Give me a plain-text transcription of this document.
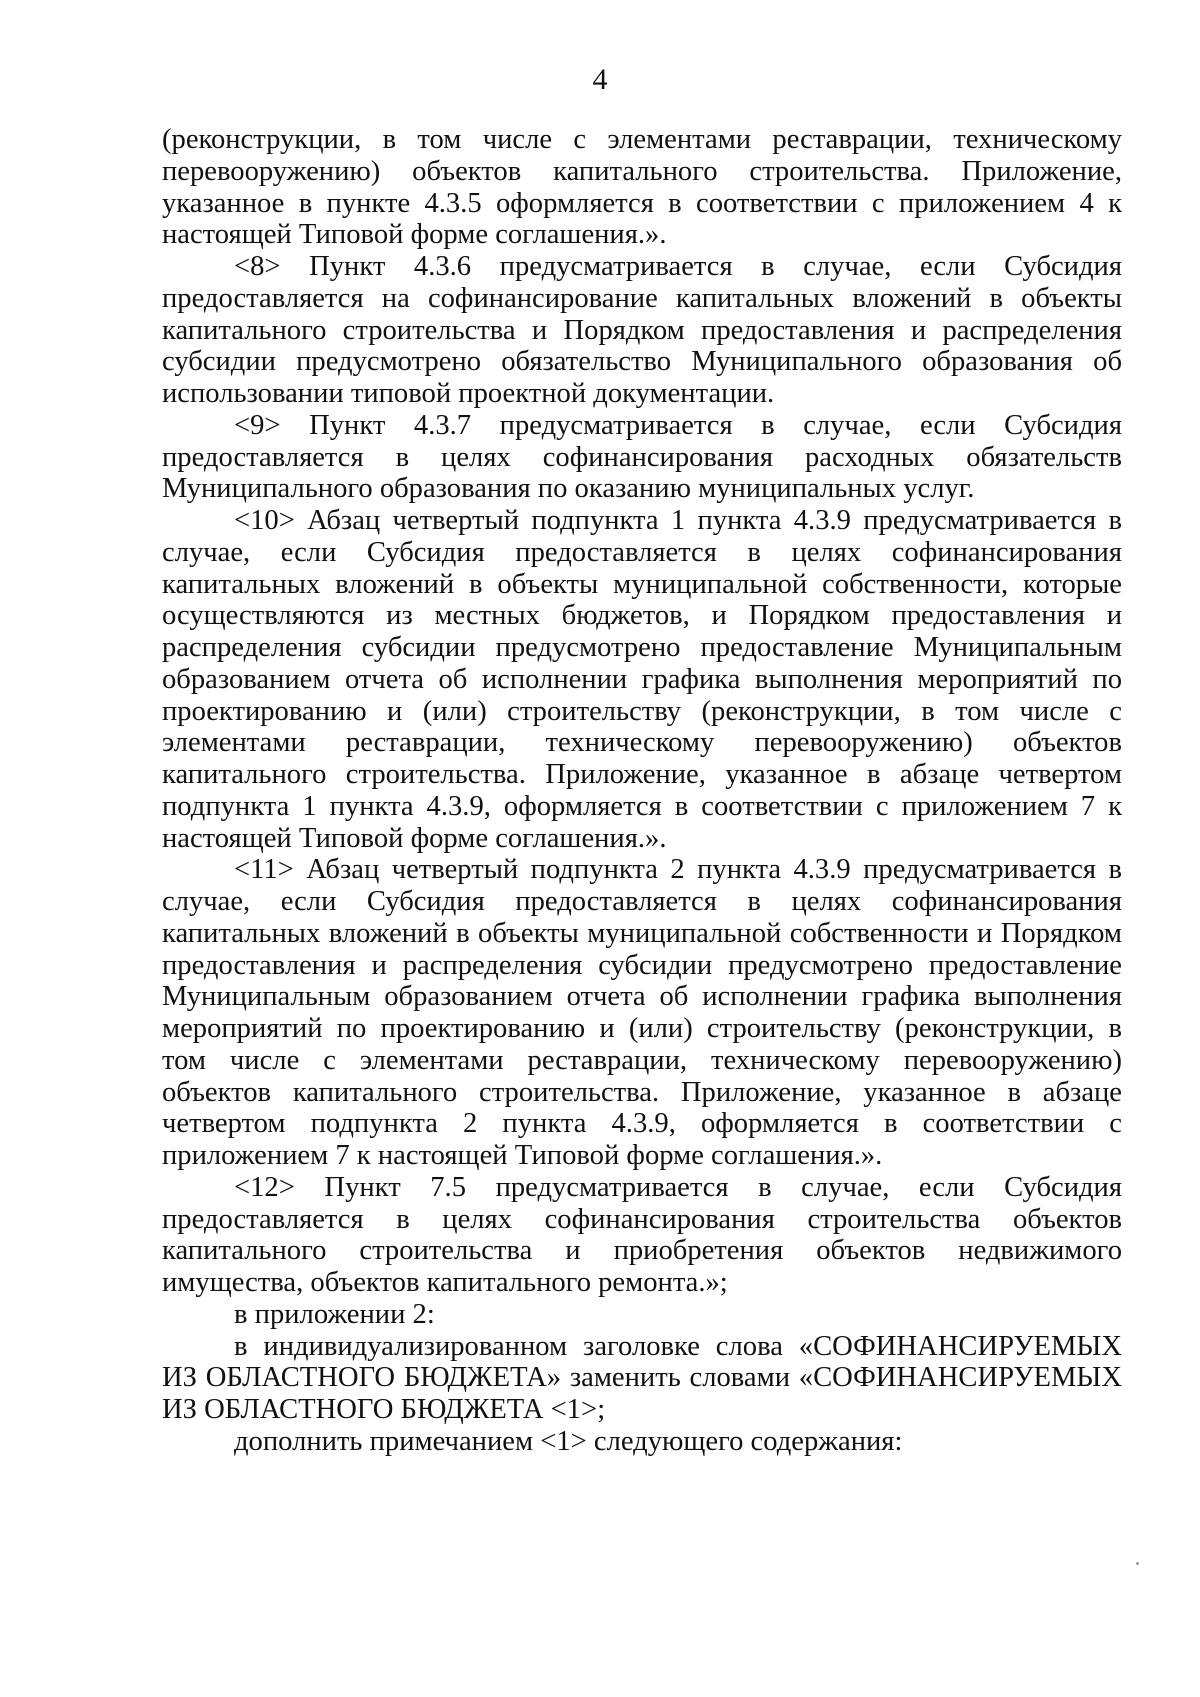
4

(реконструкции, в том числе с элементами реставрации, техническому перевооружению) объектов капитального строительства. Приложение, указанное в пункте 4.3.5 оформляется в соответствии с приложением 4 к настоящей Типовой форме соглашения.».

<8> Пункт 4.3.6 предусматривается в случае, если Субсидия предоставляется на софинансирование капитальных вложений в объекты капитального строительства и Порядком предоставления и распределения субсидии предусмотрено обязательство Муниципального образования об использовании типовой проектной документации.

<9> Пункт 4.3.7 предусматривается в случае, если Субсидия предоставляется в целях софинансирования расходных обязательств Муниципального образования по оказанию муниципальных услуг.

<10> Абзац четвертый подпункта 1 пункта 4.3.9 предусматривается в случае, если Субсидия предоставляется в целях софинансирования капитальных вложений в объекты муниципальной собственности, которые осуществляются из местных бюджетов, и Порядком предоставления и распределения субсидии предусмотрено предоставление Муниципальным образованием отчета об исполнении графика выполнения мероприятий по проектированию и (или) строительству (реконструкции, в том числе с элементами реставрации, техническому перевооружению) объектов капитального строительства. Приложение, указанное в абзаце четвертом подпункта 1 пункта 4.3.9, оформляется в соответствии с приложением 7 к настоящей Типовой форме соглашения.».

<11> Абзац четвертый подпункта 2 пункта 4.3.9 предусматривается в случае, если Субсидия предоставляется в целях софинансирования капитальных вложений в объекты муниципальной собственности и Порядком предоставления и распределения субсидии предусмотрено предоставление Муниципальным образованием отчета об исполнении графика выполнения мероприятий по проектированию и (или) строительству (реконструкции, в том числе с элементами реставрации, техническому перевооружению) объектов капитального строительства. Приложение, указанное в абзаце четвертом подпункта 2 пункта 4.3.9, оформляется в соответствии с приложением 7 к настоящей Типовой форме соглашения.».

<12> Пункт 7.5 предусматривается в случае, если Субсидия предоставляется в целях софинансирования строительства объектов капитального строительства и приобретения объектов недвижимого имущества, объектов капитального ремонта.»;

в приложении 2:

в индивидуализированном заголовке слова «СОФИНАНСИРУЕМЫХ ИЗ ОБЛАСТНОГО БЮДЖЕТА» заменить словами «СОФИНАНСИРУЕМЫХ ИЗ ОБЛАСТНОГО БЮДЖЕТА <1>;

дополнить примечанием <1> следующего содержания:
